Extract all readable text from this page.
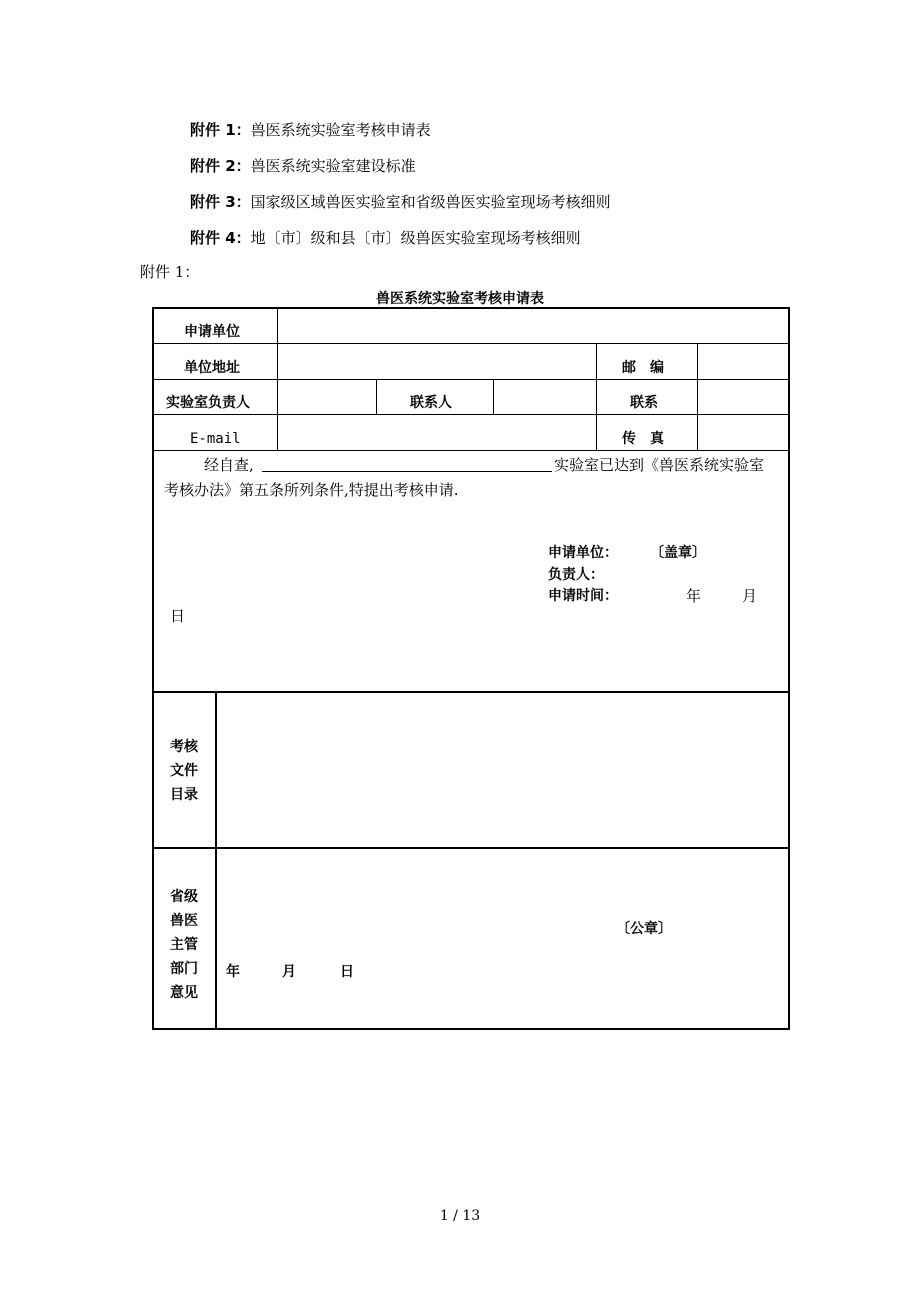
附件 1：兽医系统实验室考核申请表
附件 2：兽医系统实验室建设标准
附件 3：国家级区域兽医实验室和省级兽医实验室现场考核细则
附件 4：地〔市〕级和县〔市〕级兽医实验室现场考核细则
附件 1：
兽医系统实验室考核申请表
申请单位
单位地址	邮　编
实验室负责人	联系人	联系
E-mail	传　真
经自查,	实验室已达到《兽医系统实验室
考核办法》第五条所列条件,特提出考核申请.
申请单位： 〔盖章〕
负责人：
申请时间：	年	月
日
考核
文件
目录
省级
兽医
主管
部门
意见
〔公章〕
年	月	日
1 / 13
